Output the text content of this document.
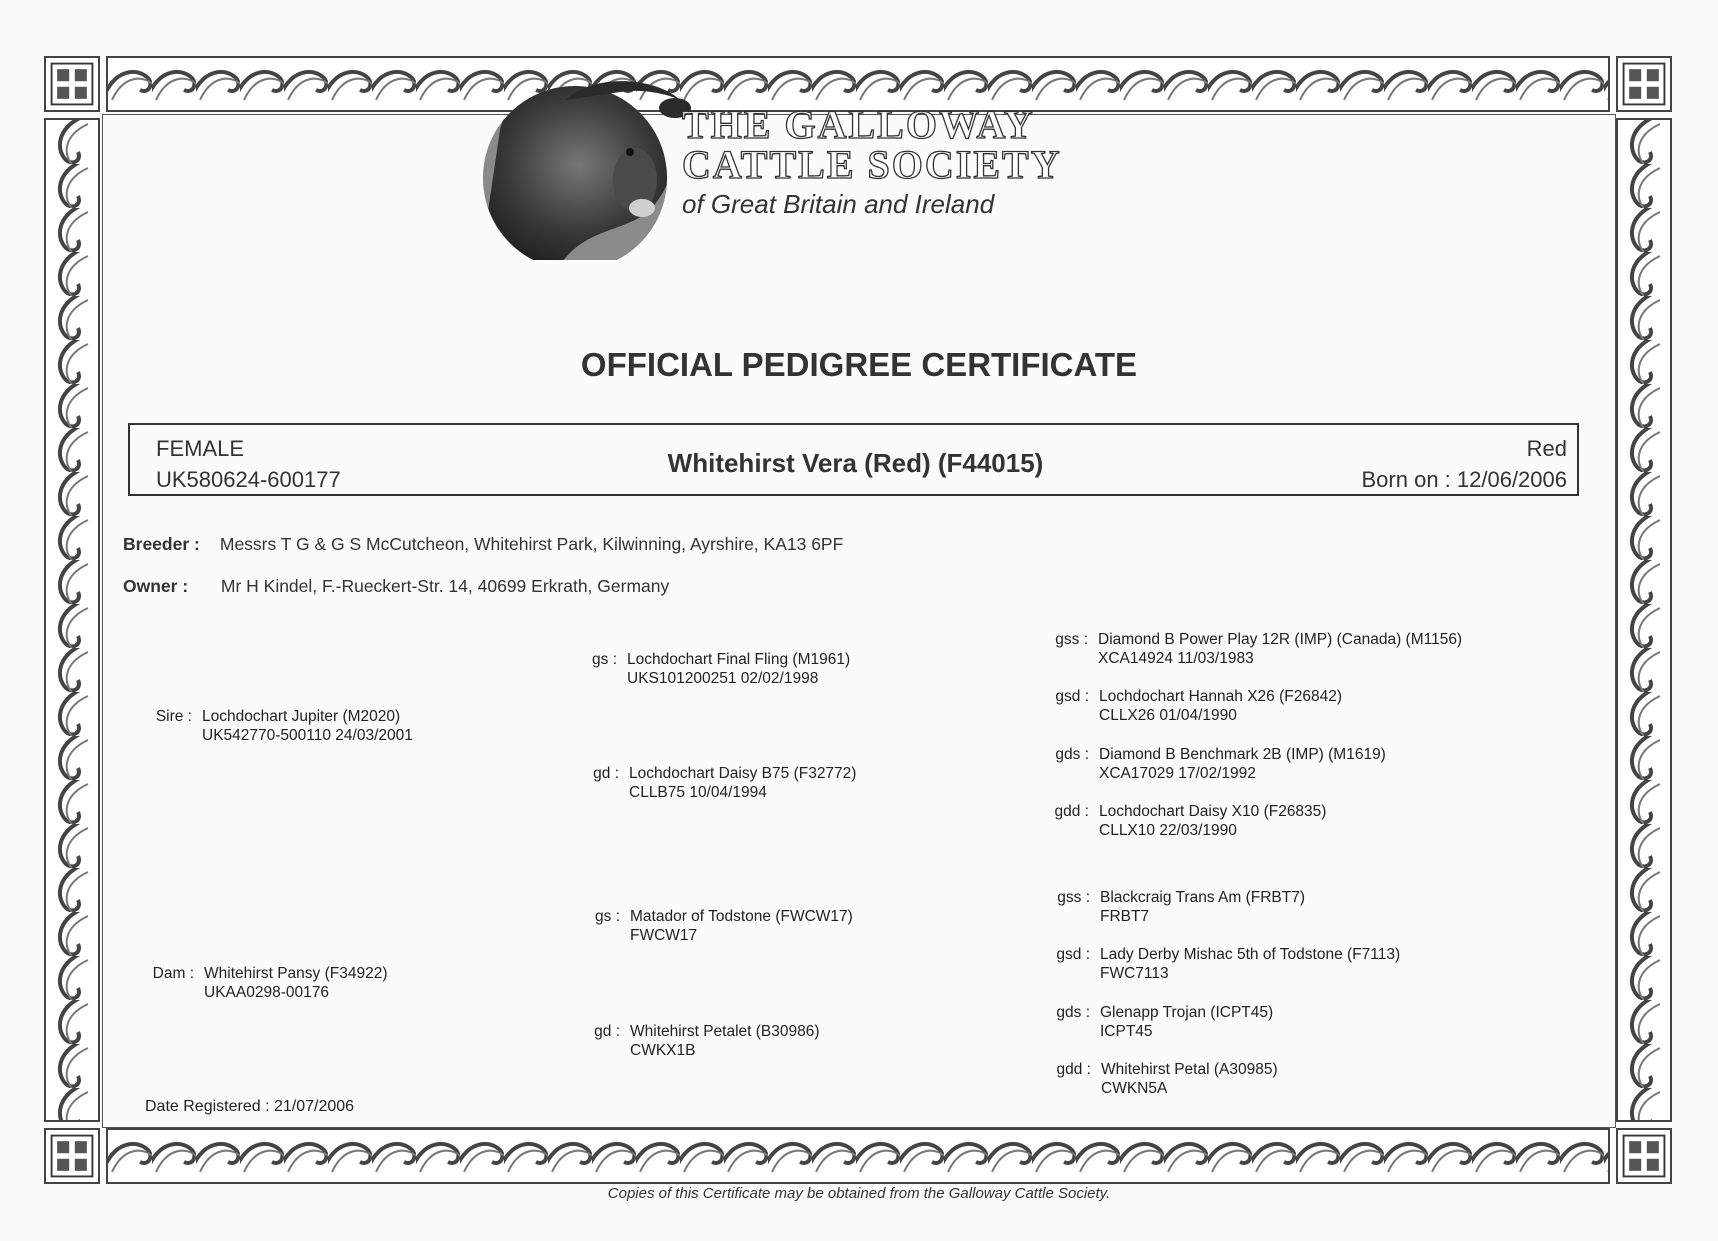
THE GALLOWAY
CATTLE SOCIETY
of Great Britain and Ireland
OFFICIAL PEDIGREE CERTIFICATE
FEMALE
UK580624-600177
Whitehirst Vera (Red) (F44015)	Red
Born on : 12/06/2006
Breeder : Messrs T G & G S McCutcheon, Whitehirst Park, Kilwinning, Ayrshire, KA13 6PF
Owner : Mr H Kindel, F.-Rueckert-Str. 14, 40699 Erkrath, Germany
Sire : Lochdochart Jupiter (M2020)
UK542770-500110 24/03/2001
gs : Lochdochart Final Fling (M1961)
UKS101200251 02/02/1998
gd : Lochdochart Daisy B75 (F32772)
CLLB75 10/04/1994
gss : Diamond B Power Play 12R (IMP) (Canada) (M1156)
XCA14924 11/03/1983
gsd : Lochdochart Hannah X26 (F26842)
CLLX26 01/04/1990
gds : Diamond B Benchmark 2B (IMP) (M1619)
XCA17029 17/02/1992
gdd : Lochdochart Daisy X10 (F26835)
CLLX10 22/03/1990
Dam : Whitehirst Pansy (F34922)
UKAA0298-00176
gs : Matador of Todstone (FWCW17)
FWCW17
gd : Whitehirst Petalet (B30986)
CWKX1B
gss : Blackcraig Trans Am (FRBT7)
FRBT7
gsd : Lady Derby Mishac 5th of Todstone (F7113)
FWC7113
gds : Glenapp Trojan (ICPT45)
ICPT45
gdd : Whitehirst Petal (A30985)
CWKN5A
Date Registered : 21/07/2006
Copies of this Certificate may be obtained from the Galloway Cattle Society.
